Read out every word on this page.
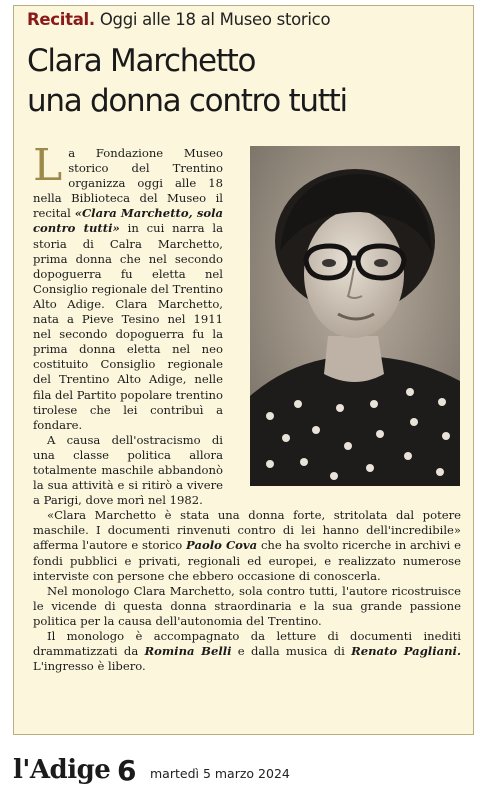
Recital. Oggi alle 18 al Museo storico
Clara Marchetto
una donna contro tutti

La Fondazione Museo storico del Trentino organizza oggi alle 18 nella Biblioteca del Museo il recital «Clara Marchetto, sola contro tutti» in cui narra la storia di Calra Marchetto, prima donna che nel secondo dopoguerra fu eletta nel Consiglio regionale del Trentino Alto Adige. Clara Marchetto, nata a Pieve Tesino nel 1911 nel secondo dopoguerra fu la prima donna eletta nel neo costituito Consiglio regionale del Trentino Alto Adige, nelle fila del Partito popolare trentino tirolese che lei contribuì a fondare.

A causa dell'ostracismo di una classe politica allora totalmente maschile abbandonò la sua attività e si ritirò a vivere a Parigi, dove morì nel 1982.

«Clara Marchetto è stata una donna forte, stritolata dal potere maschile. I documenti rinvenuti contro di lei hanno dell'incredibile» afferma l'autore e storico Paolo Cova che ha svolto ricerche in archivi e fondi pubblici e privati, regionali ed europei, e realizzato numerose interviste con persone che ebbero occasione di conoscerla.

Nel monologo Clara Marchetto, sola contro tutti, l'autore ricostruisce le vicende di questa donna straordinaria e la sua grande passione politica per la causa dell'autonomia del Trentino.

Il monologo è accompagnato da letture di documenti inediti drammatizzati da Romina Belli e dalla musica di Renato Pagliani. L'ingresso è libero.

l'Adige 6 martedì 5 marzo 2024
